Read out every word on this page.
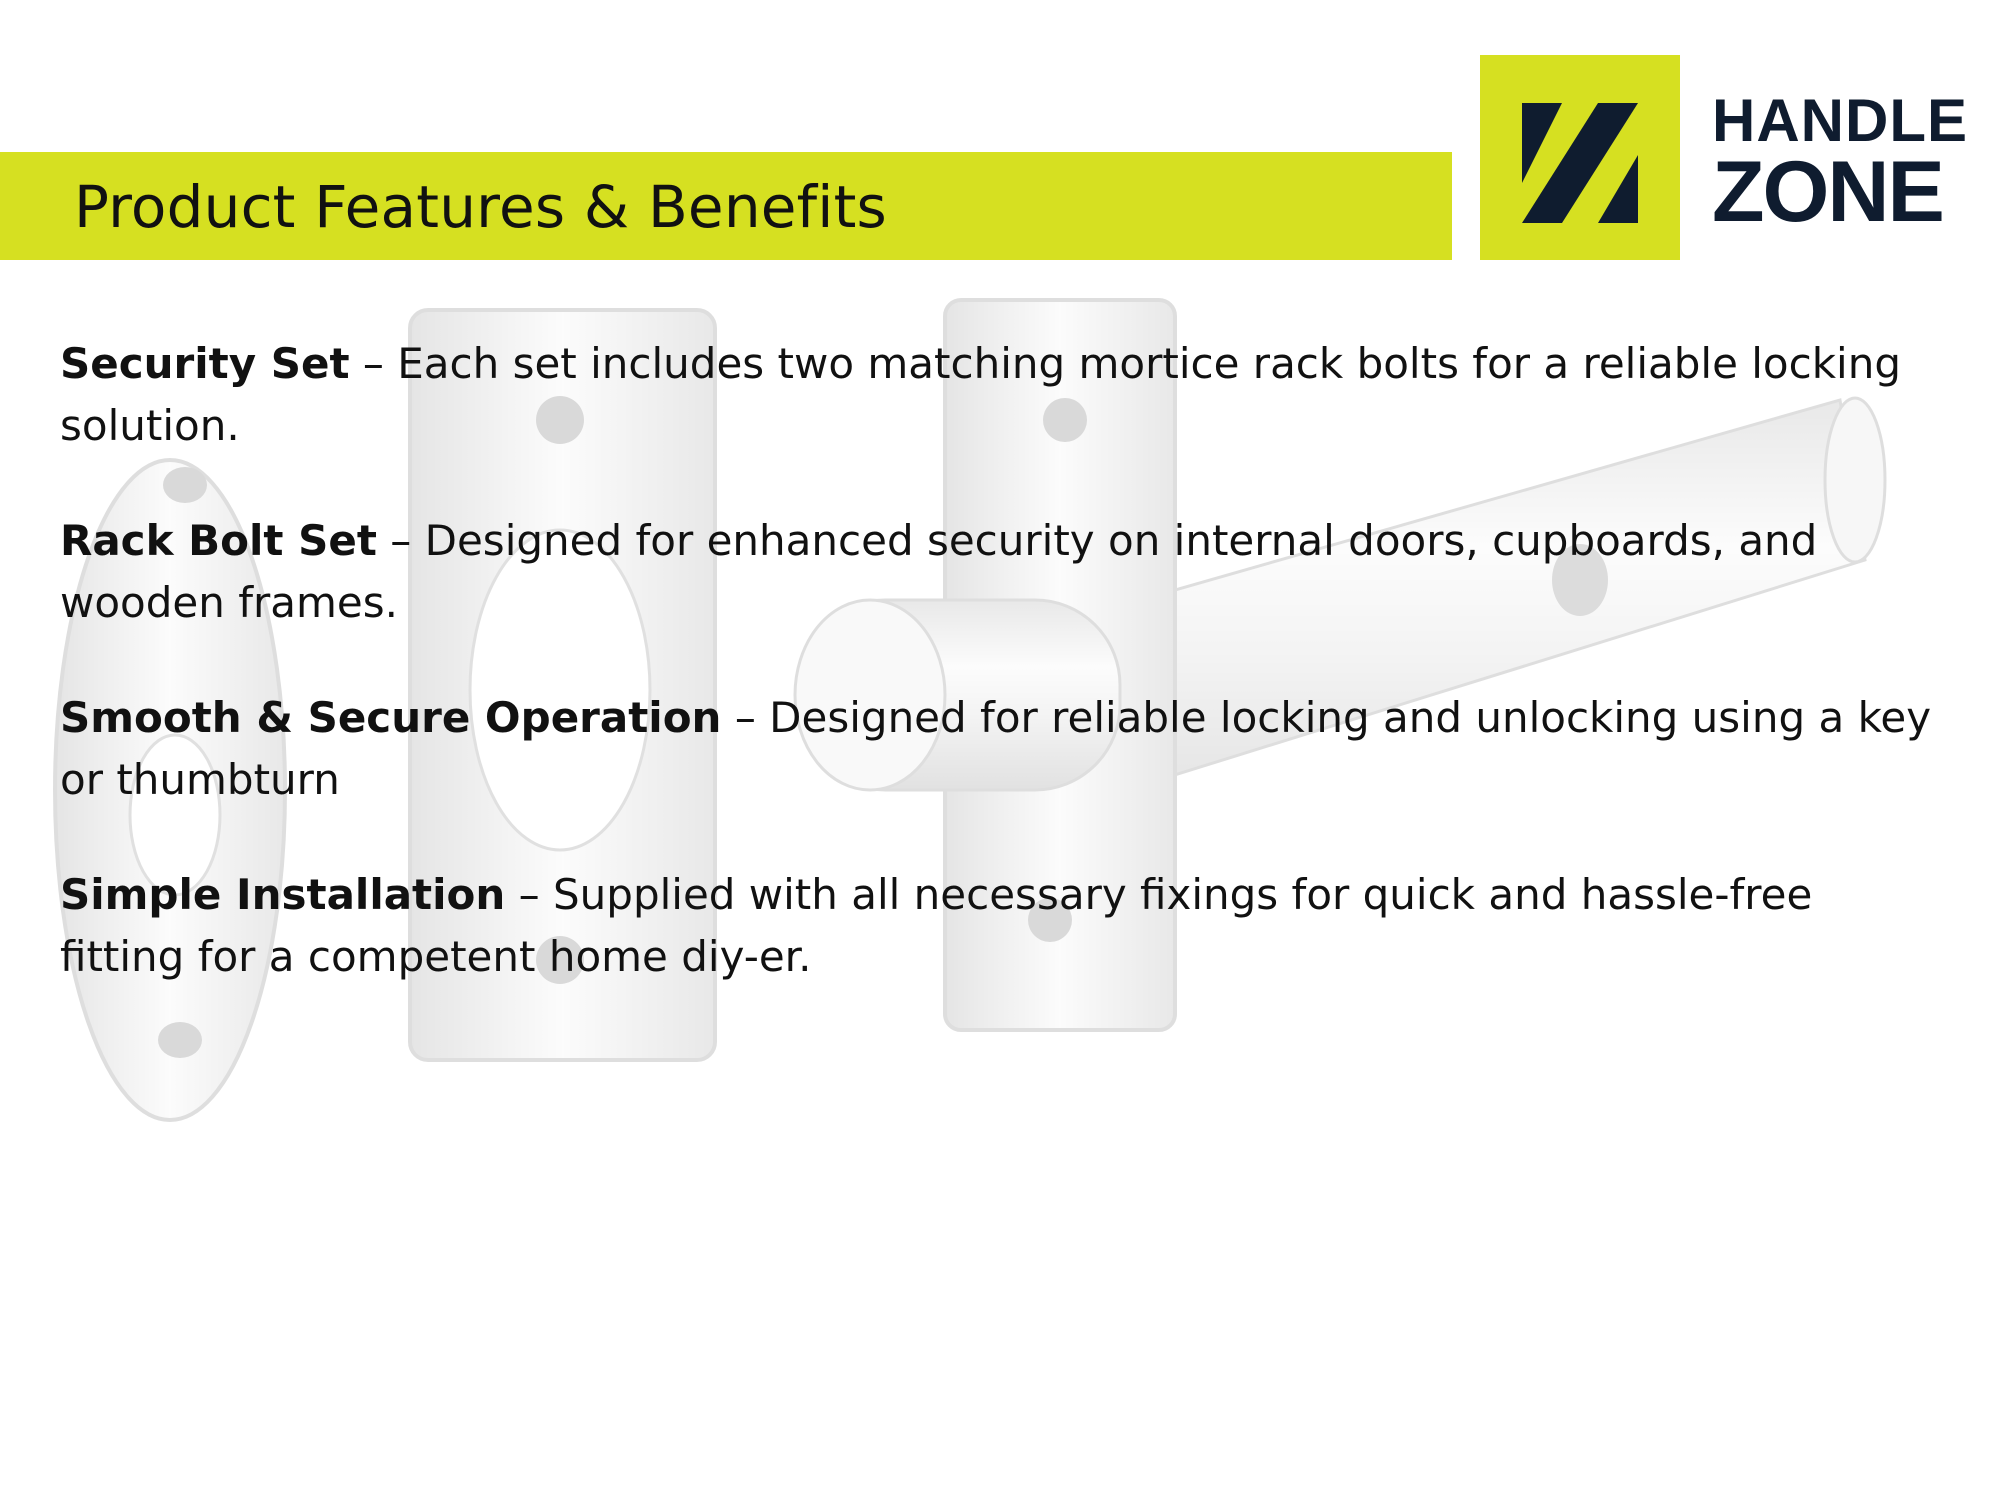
Product Features & Benefits
HANDLE
ZONE

Security Set – Each set includes two matching mortice rack bolts for a reliable locking solution.

Rack Bolt Set – Designed for enhanced security on internal doors, cupboards, and wooden frames.

Smooth & Secure Operation – Designed for reliable locking and unlocking using a key or thumbturn

Simple Installation – Supplied with all necessary fixings for quick and hassle-free fitting for a competent home diy-er.
